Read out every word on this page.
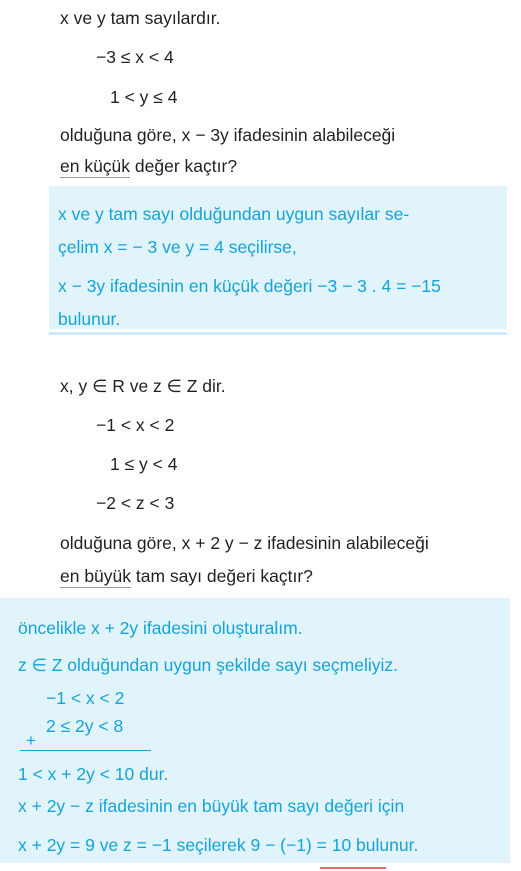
x ve y tam sayılardır.
−3 ≤ x < 4
1 < y ≤ 4
olduğuna göre, x − 3y ifadesinin alabileceği
en küçük değer kaçtır?
x ve y tam sayı olduğundan uygun sayılar se-
çelim x = − 3 ve y = 4 seçilirse,
x − 3y ifadesinin en küçük değeri −3 − 3 . 4 = −15
bulunur.
x, y ∈ R ve z ∈ Z dir.
−1 < x < 2
1 ≤ y < 4
−2 < z < 3
olduğuna göre, x + 2 y − z ifadesinin alabileceği
en büyük tam sayı değeri kaçtır?
öncelikle x + 2y ifadesini oluşturalım.
z ∈ Z olduğundan uygun şekilde sayı seçmeliyiz.
−1 < x < 2
2 ≤ 2y < 8
+
1 < x + 2y < 10 dur.
x + 2y − z ifadesinin en büyük tam sayı değeri için
x + 2y = 9 ve z = −1 seçilerek 9 − (−1) = 10 bulunur.
